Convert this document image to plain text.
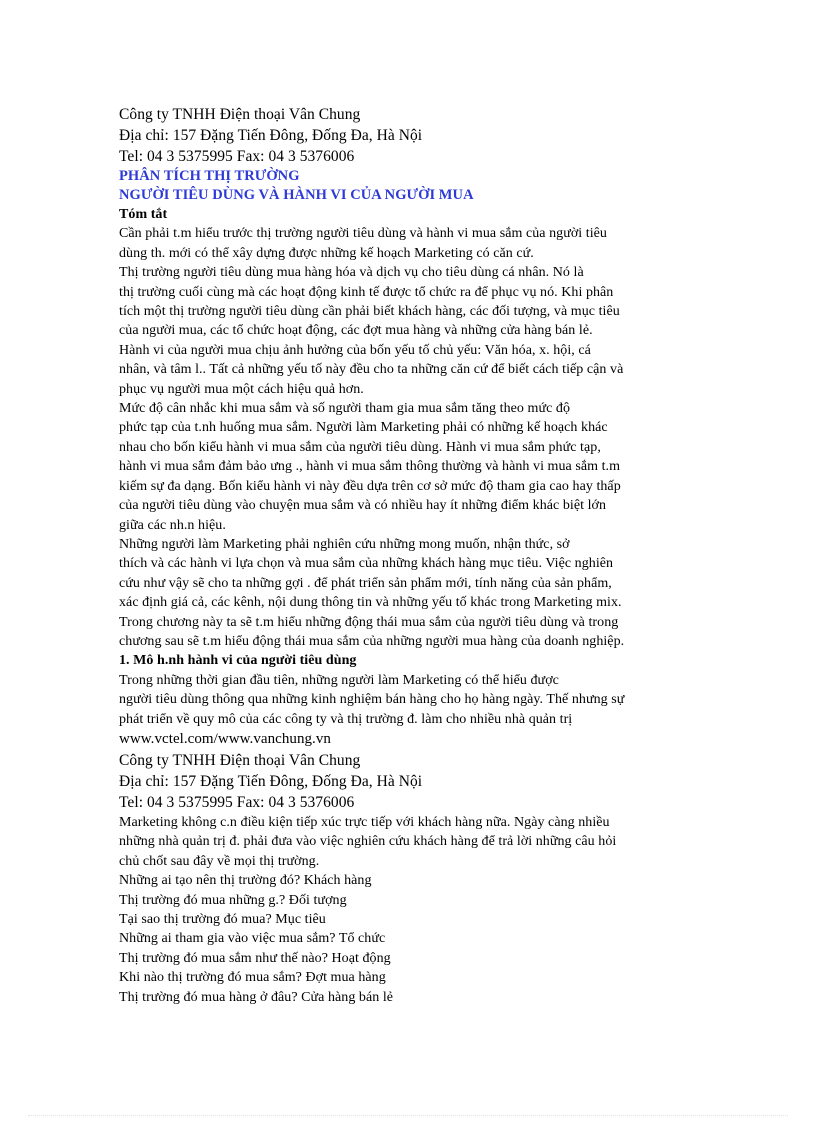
Công ty TNHH Điện thoại Vân Chung
Địa chỉ: 157 Đặng Tiến Đông, Đống Đa, Hà Nội
Tel: 04 3 5375995 Fax: 04 3 5376006
PHÂN TÍCH THỊ TRƯỜNG
NGƯỜI TIÊU DÙNG VÀ HÀNH VI CỦA NGƯỜI MUA
Tóm tắt
Cần phải t.m hiểu trước thị trường người tiêu dùng và hành vi mua sắm của người tiêu
dùng th. mới có thể xây dựng được những kế hoạch Marketing có căn cứ.
Thị trường người tiêu dùng mua hàng hóa và dịch vụ cho tiêu dùng cá nhân. Nó là
thị trường cuối cùng mà các hoạt động kinh tế được tổ chức ra để phục vụ nó. Khi phân
tích một thị trường người tiêu dùng cần phải biết khách hàng, các đối tượng, và mục tiêu
của người mua, các tổ chức hoạt động, các đợt mua hàng và những cửa hàng bán lẻ.
Hành vi của người mua chịu ảnh hưởng của bốn yếu tố chủ yếu: Văn hóa, x. hội, cá
nhân, và tâm l.. Tất cả những yếu tố này đều cho ta những căn cứ để biết cách tiếp cận và
phục vụ người mua một cách hiệu quả hơn.
Mức độ cân nhắc khi mua sắm và số người tham gia mua sắm tăng theo mức độ
phức tạp của t.nh huống mua sắm. Người làm Marketing phải có những kế hoạch khác
nhau cho bốn kiểu hành vi mua sắm của người tiêu dùng. Hành vi mua sắm phức tạp,
hành vi mua sắm đảm bảo ưng ., hành vi mua sắm thông thường và hành vi mua sắm t.m
kiếm sự đa dạng. Bốn kiểu hành vi này đều dựa trên cơ sở mức độ tham gia cao hay thấp
của người tiêu dùng vào chuyện mua sắm và có nhiều hay ít những điểm khác biệt lớn
giữa các nh.n hiệu.
Những người làm Marketing phải nghiên cứu những mong muốn, nhận thức, sở
thích và các hành vi lựa chọn và mua sắm của những khách hàng mục tiêu. Việc nghiên
cứu như vậy sẽ cho ta những gợi . để phát triển sản phẩm mới, tính năng của sản phẩm,
xác định giá cả, các kênh, nội dung thông tin và những yếu tố khác trong Marketing mix.
Trong chương này ta sẽ t.m hiểu những động thái mua sắm của người tiêu dùng và trong
chương sau sẽ t.m hiểu động thái mua sắm của những người mua hàng của doanh nghiệp.
1. Mô h.nh hành vi của người tiêu dùng
Trong những thời gian đầu tiên, những người làm Marketing có thể hiểu được
người tiêu dùng thông qua những kinh nghiệm bán hàng cho họ hàng ngày. Thế nhưng sự
phát triển về quy mô của các công ty và thị trường đ. làm cho nhiều nhà quản trị
www.vctel.com/www.vanchung.vn
Công ty TNHH Điện thoại Vân Chung
Địa chỉ: 157 Đặng Tiến Đông, Đống Đa, Hà Nội
Tel: 04 3 5375995 Fax: 04 3 5376006
Marketing không c.n điều kiện tiếp xúc trực tiếp với khách hàng nữa. Ngày càng nhiều
những nhà quản trị đ. phải đưa vào việc nghiên cứu khách hàng để trả lời những câu hỏi
chủ chốt sau đây về mọi thị trường.
Những ai tạo nên thị trường đó? Khách hàng
Thị trường đó mua những g.? Đối tượng
Tại sao thị trường đó mua? Mục tiêu
Những ai tham gia vào việc mua sắm? Tổ chức
Thị trường đó mua sắm như thế nào? Hoạt động
Khi nào thị trường đó mua sắm? Đợt mua hàng
Thị trường đó mua hàng ở đâu? Cửa hàng bán lẻ
